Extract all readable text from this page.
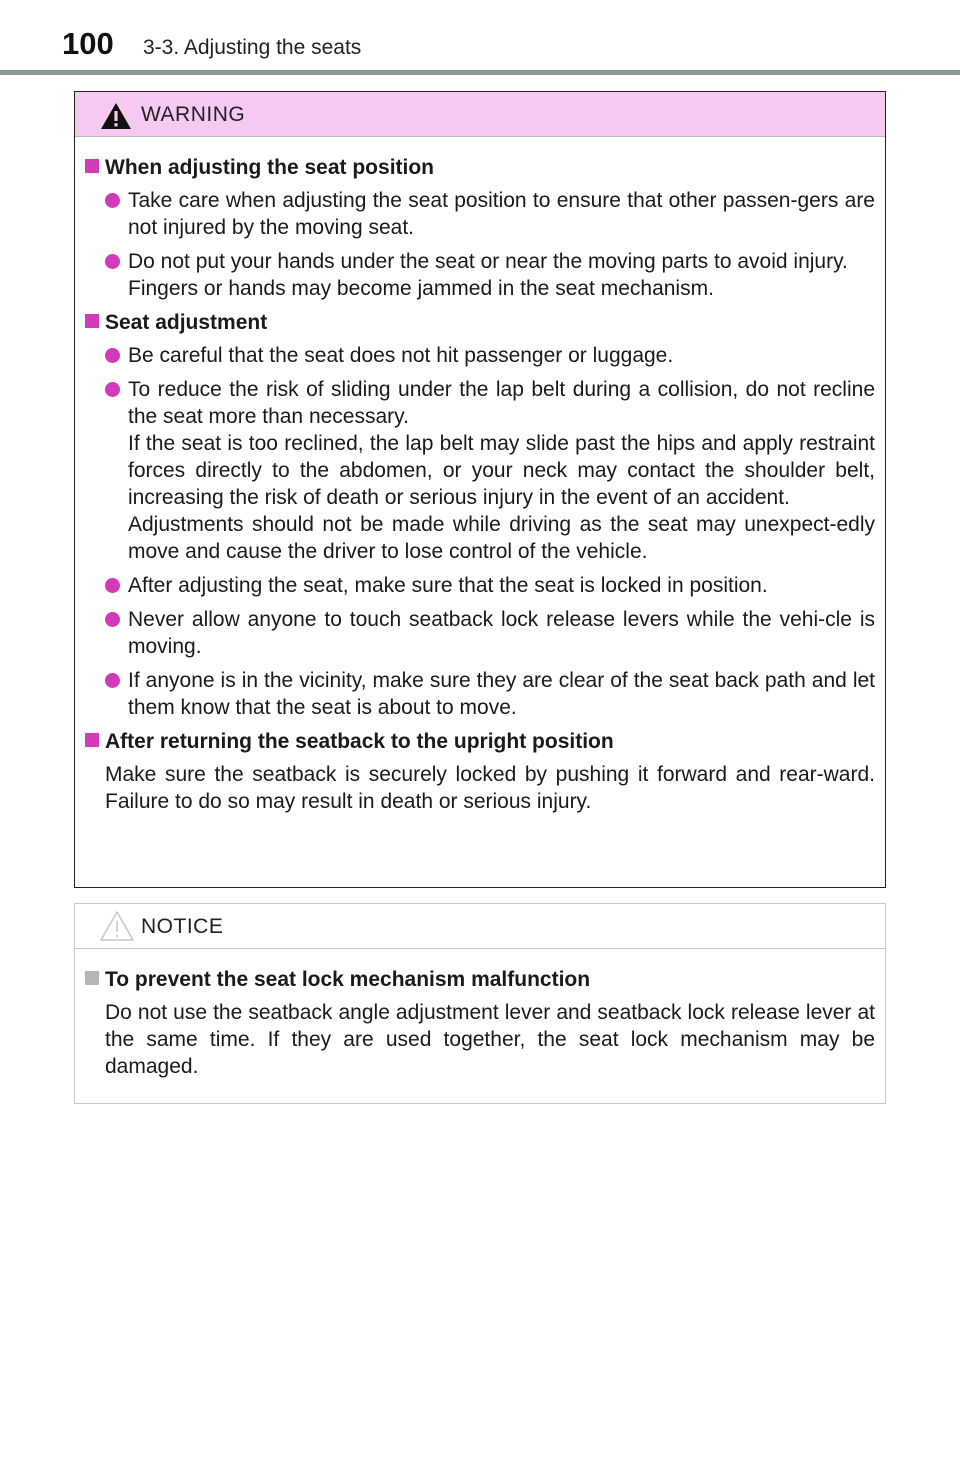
100 3-3. Adjusting the seats
WARNING
When adjusting the seat position

Take care when adjusting the seat position to ensure that other passen-gers are not injured by the moving seat.

Do not put your hands under the seat or near the moving parts to avoid injury.

Fingers or hands may become jammed in the seat mechanism.

Seat adjustment

Be careful that the seat does not hit passenger or luggage.

To reduce the risk of sliding under the lap belt during a collision, do not recline the seat more than necessary.

If the seat is too reclined, the lap belt may slide past the hips and apply restraint forces directly to the abdomen, or your neck may contact the shoulder belt, increasing the risk of death or serious injury in the event of an accident.

Adjustments should not be made while driving as the seat may unexpect-edly move and cause the driver to lose control of the vehicle.

After adjusting the seat, make sure that the seat is locked in position.

Never allow anyone to touch seatback lock release levers while the vehi-cle is moving.

If anyone is in the vicinity, make sure they are clear of the seat back path and let them know that the seat is about to move.

After returning the seatback to the upright position

Make sure the seatback is securely locked by pushing it forward and rear-ward. Failure to do so may result in death or serious injury.

NOTICE
To prevent the seat lock mechanism malfunction

Do not use the seatback angle adjustment lever and seatback lock release lever at the same time. If they are used together, the seat lock mechanism may be damaged.
